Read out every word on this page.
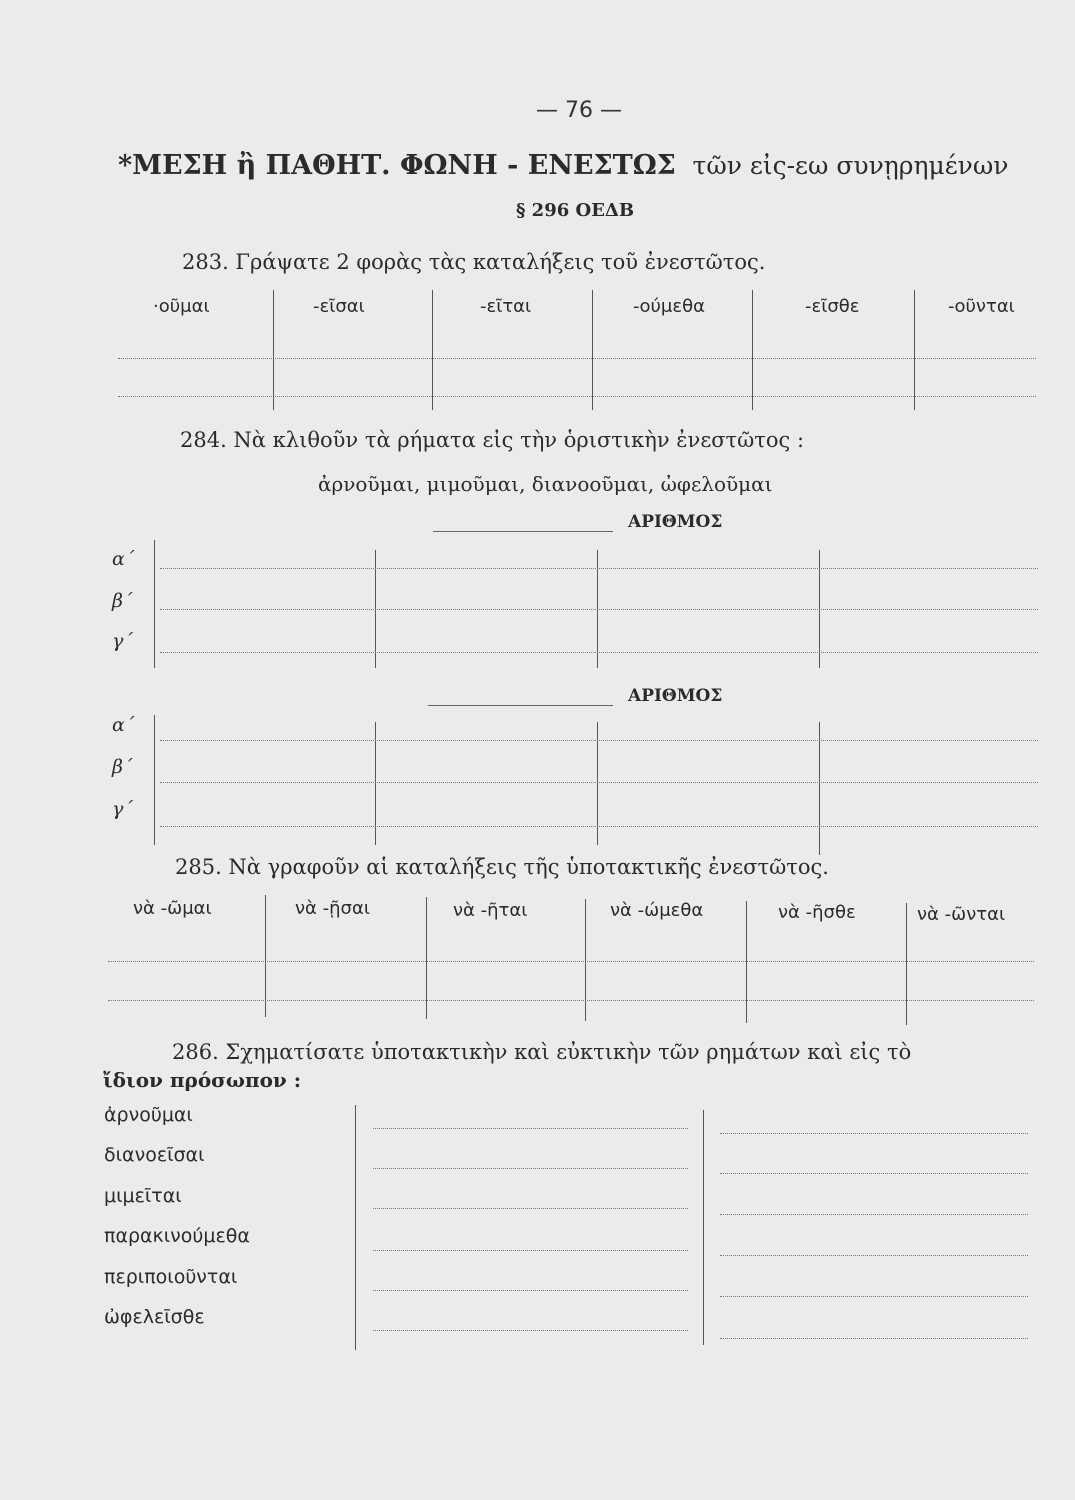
— 76 —
*ΜΕΣΗ ἢ ΠΑΘΗΤ. ΦΩΝΗ - ΕΝΕΣΤΩΣ τῶν εἰς-εω συνῃρημένων
§ 296 ΟΕΔΒ
283. Γράψατε 2 φορὰς τὰς καταλήξεις τοῦ ἐνεστῶτος.
·οῦμαι	-εῖσαι	-εῖται	-ούμεθα	-εῖσθε	-οῦνται
284. Νὰ κλιθοῦν τὰ ρήματα εἰς τὴν ὁριστικὴν ἐνεστῶτος :
ἀρνοῦμαι, μιμοῦμαι, διανοοῦμαι, ὠφελοῦμαι
ΑΡΙΘΜΟΣ
α΄
β΄
γ΄
ΑΡΙΘΜΟΣ
α΄
β΄
γ΄
285. Νὰ γραφοῦν αἱ καταλήξεις τῆς ὑποτακτικῆς ἐνεστῶτος.
νὰ -ῶμαι	νὰ -ῇσαι	νὰ -ῆται	νὰ -ώμεθα	νὰ -ῆσθε	νὰ -ῶνται
286. Σχηματίσατε ὑποτακτικὴν καὶ εὐκτικὴν τῶν ρημάτων καὶ εἰς τὸ
ἴδιον πρόσωπον :
ἀρνοῦμαι
διανοεῖσαι
μιμεῖται
παρακινούμεθα
περιποιοῦνται
ὠφελεῖσθε
